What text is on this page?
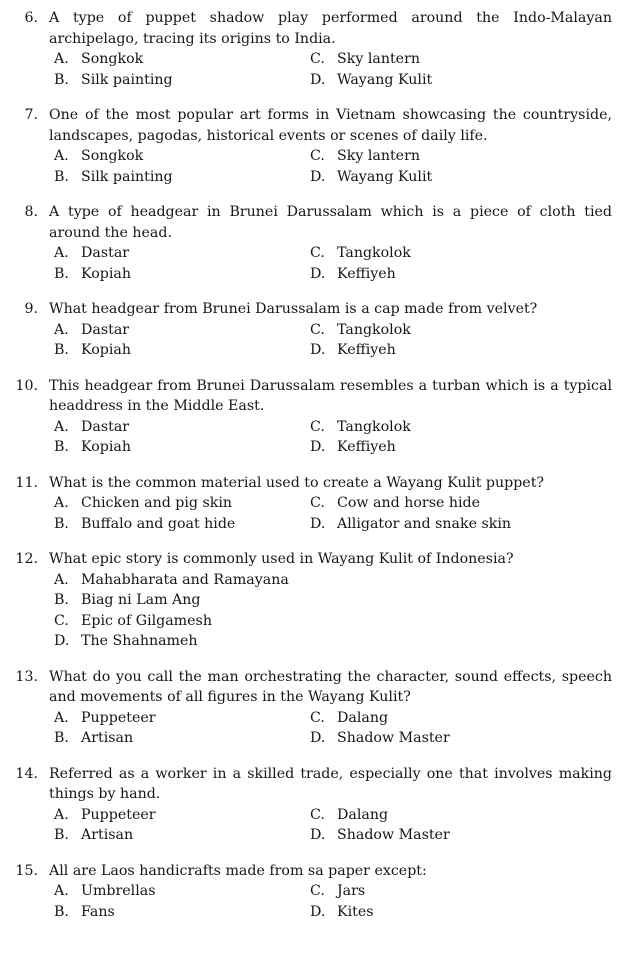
6. A type of puppet shadow play performed around the Indo-Malayan archipelago, tracing its origins to India.
A. Songkok	C. Sky lantern
B. Silk painting	D. Wayang Kulit
7. One of the most popular art forms in Vietnam showcasing the countryside, landscapes, pagodas, historical events or scenes of daily life.
A. Songkok	C. Sky lantern
B. Silk painting	D. Wayang Kulit
8. A type of headgear in Brunei Darussalam which is a piece of cloth tied around the head.
A. Dastar	C. Tangkolok
B. Kopiah	D. Keffiyeh
9. What headgear from Brunei Darussalam is a cap made from velvet?
A. Dastar	C. Tangkolok
B. Kopiah	D. Keffiyeh
10. This headgear from Brunei Darussalam resembles a turban which is a typical headdress in the Middle East.
A. Dastar	C. Tangkolok
B. Kopiah	D. Keffiyeh
11. What is the common material used to create a Wayang Kulit puppet?
A. Chicken and pig skin	C. Cow and horse hide
B. Buffalo and goat hide	D. Alligator and snake skin
12. What epic story is commonly used in Wayang Kulit of Indonesia?
A. Mahabharata and Ramayana
B. Biag ni Lam Ang
C. Epic of Gilgamesh
D. The Shahnameh
13. What do you call the man orchestrating the character, sound effects, speech and movements of all figures in the Wayang Kulit?
A. Puppeteer	C. Dalang
B. Artisan	D. Shadow Master
14. Referred as a worker in a skilled trade, especially one that involves making things by hand.
A. Puppeteer	C. Dalang
B. Artisan	D. Shadow Master
15. All are Laos handicrafts made from sa paper except:
A. Umbrellas	C. Jars
B. Fans	D. Kites
